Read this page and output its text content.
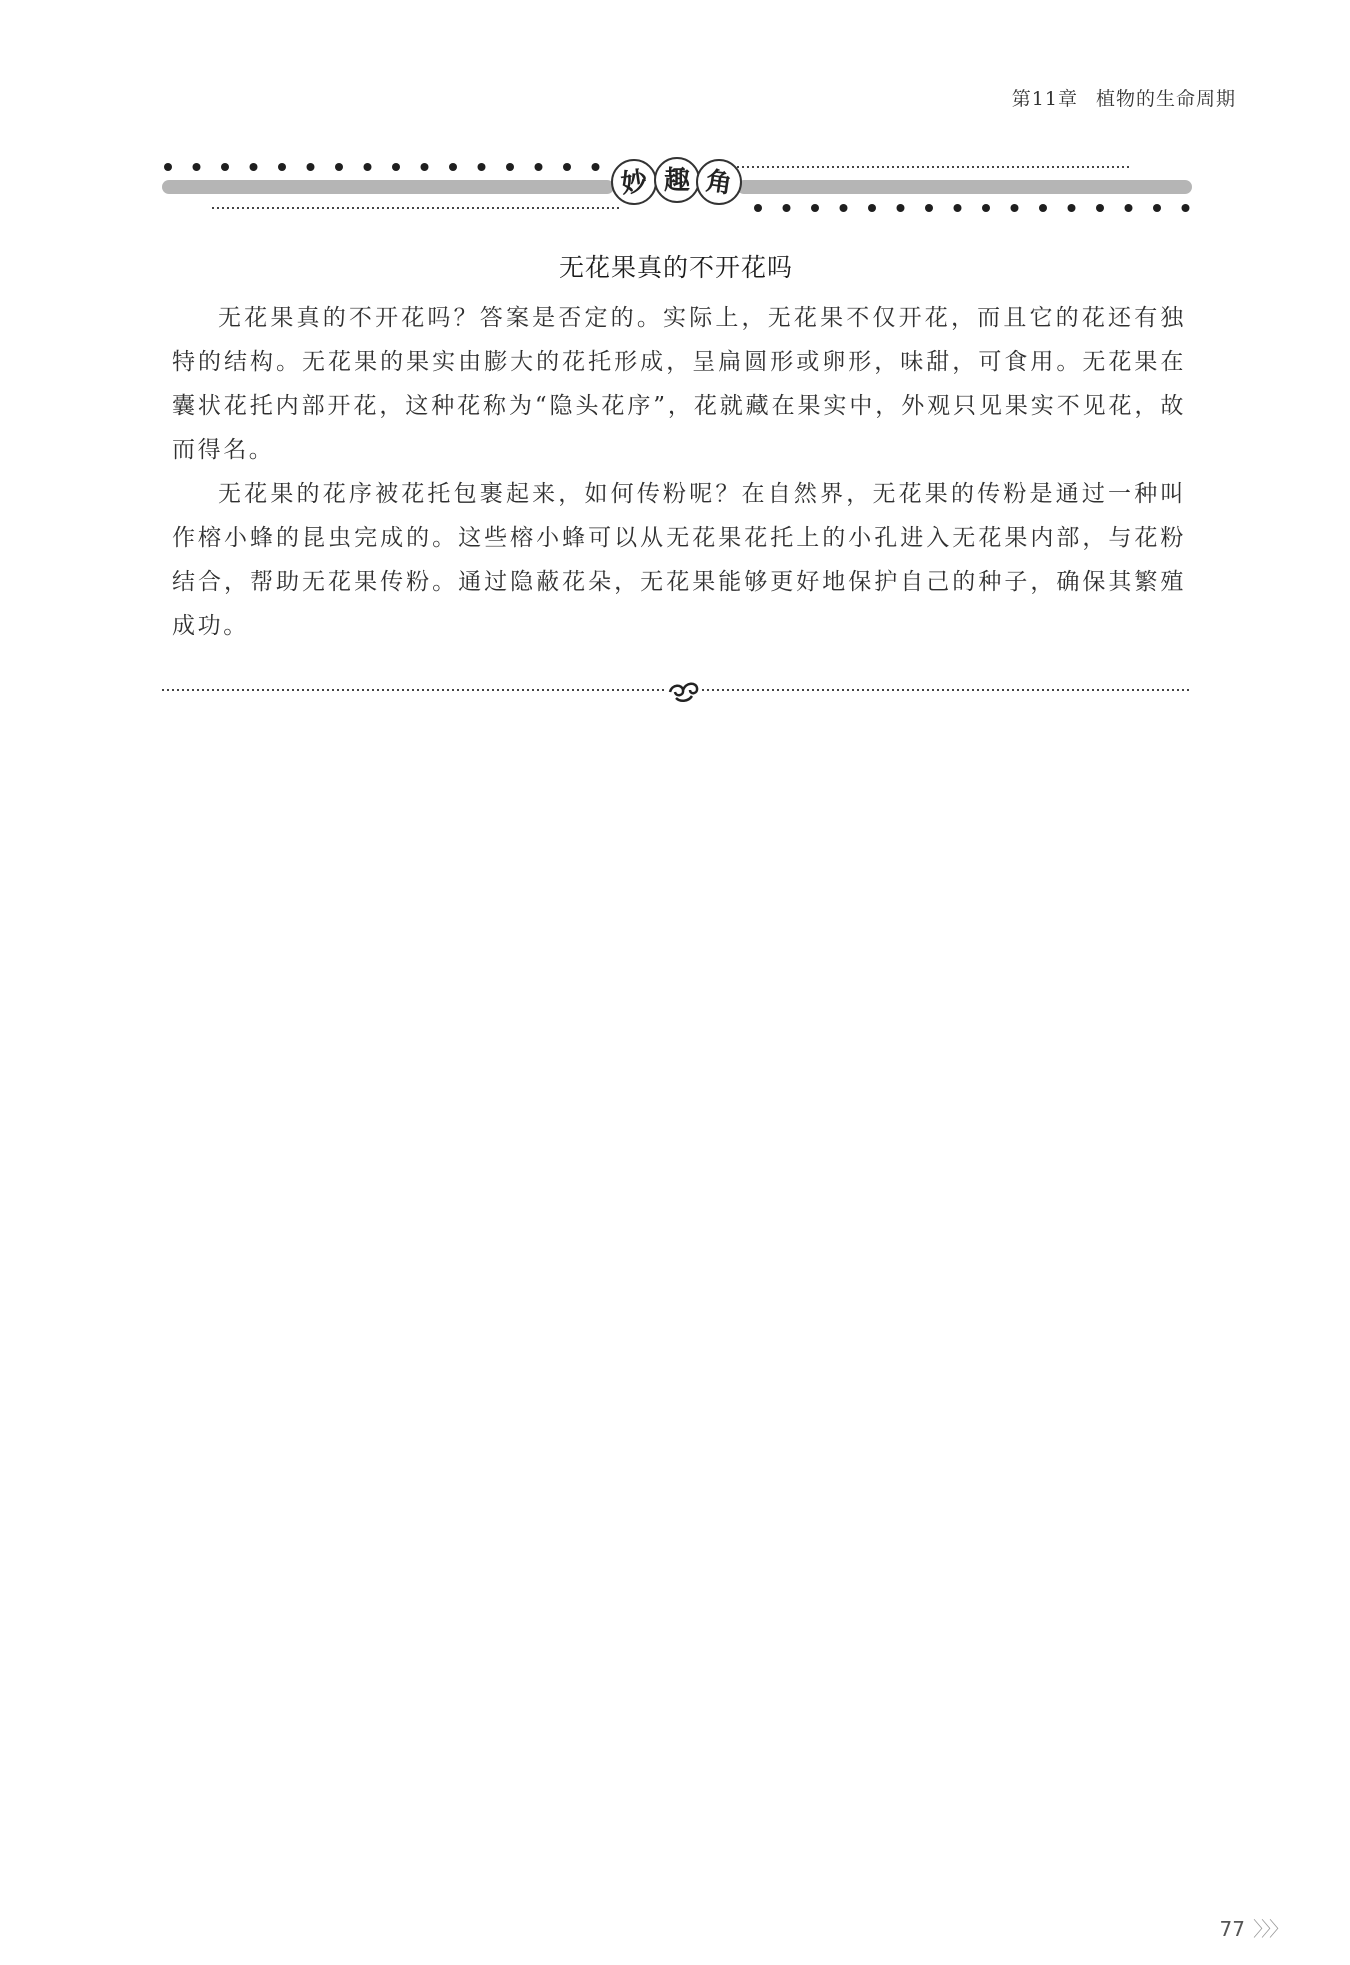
第11章 植物的生命周期
妙 趣 角
无花果真的不开花吗

无花果真的不开花吗？答案是否定的。实际上，无花果不仅开花，而且它的花还有独特的结构。无花果的果实由膨大的花托形成，呈扁圆形或卵形，味甜，可食用。无花果在囊状花托内部开花，这种花称为“隐头花序”，花就藏在果实中，外观只见果实不见花，故而得名。

无花果的花序被花托包裹起来，如何传粉呢？在自然界，无花果的传粉是通过一种叫作榕小蜂的昆虫完成的。这些榕小蜂可以从无花果花托上的小孔进入无花果内部，与花粉结合，帮助无花果传粉。通过隐蔽花朵，无花果能够更好地保护自己的种子，确保其繁殖成功。

77 〉〉〉
